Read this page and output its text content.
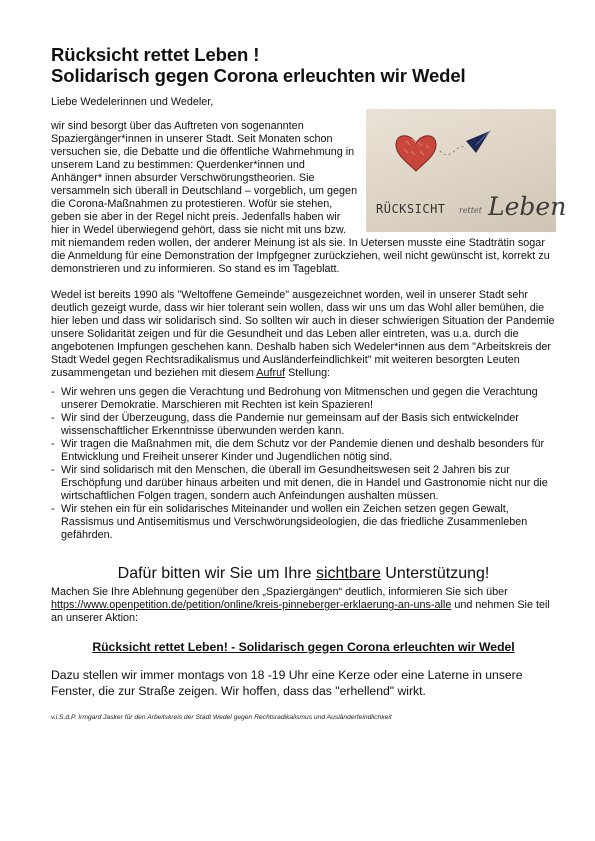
Rücksicht rettet Leben !
Solidarisch gegen Corona erleuchten wir Wedel

Liebe Wedelerinnen und Wedeler,

RÜCKSICHT rettet Leben
wir sind besorgt über das Auftreten von sogenannten Spaziergänger*innen in unserer Stadt. Seit Monaten schon versuchen sie, die Debatte und die öffentliche Wahrnehmung in unserem Land zu bestimmen: Querdenker*innen und Anhänger* innen absurder Verschwörungstheorien. Sie versammeln sich überall in Deutschland – vorgeblich, um gegen die Corona-Maßnahmen zu protestieren. Wofür sie stehen, geben sie aber in der Regel nicht preis. Jedenfalls haben wir hier in Wedel überwiegend gehört, dass sie nicht mit uns bzw. mit niemandem reden wollen, der anderer Meinung ist als sie. In Uetersen musste eine Stadträtin sogar die Anmeldung für eine Demonstration der Impfgegner zurückziehen, weil nicht gewünscht ist, korrekt zu demonstrieren und zu informieren. So stand es im Tageblatt.

Wedel ist bereits 1990 als "Weltoffene Gemeinde" ausgezeichnet worden, weil in unserer Stadt sehr deutlich gezeigt wurde, dass wir hier tolerant sein wollen, dass wir uns um das Wohl aller bemühen, die hier leben und dass wir solidarisch sind. So sollten wir auch in dieser schwierigen Situation der Pandemie unsere Solidarität zeigen und für die Gesundheit und das Leben aller eintreten, was u.a. durch die angebotenen Impfungen geschehen kann. Deshalb haben sich Wedeler*innen aus dem "Arbeitskreis der Stadt Wedel gegen Rechtsradikalismus und Ausländerfeindlichkeit" mit weiteren besorgten Leuten zusammengetan und beziehen mit diesem Aufruf Stellung:

- Wir wehren uns gegen die Verachtung und Bedrohung von Mitmenschen und gegen die Verachtung unserer Demokratie. Marschieren mit Rechten ist kein Spazieren!
- Wir sind der Überzeugung, dass die Pandemie nur gemeinsam auf der Basis sich entwickelnder wissenschaftlicher Erkenntnisse überwunden werden kann.
- Wir tragen die Maßnahmen mit, die dem Schutz vor der Pandemie dienen und deshalb besonders für Entwicklung und Freiheit unserer Kinder und Jugendlichen nötig sind.
- Wir sind solidarisch mit den Menschen, die überall im Gesundheitswesen seit 2 Jahren bis zur Erschöpfung und darüber hinaus arbeiten und mit denen, die in Handel und Gastronomie nicht nur die wirtschaftlichen Folgen tragen, sondern auch Anfeindungen aushalten müssen.
- Wir stehen ein für ein solidarisches Miteinander und wollen ein Zeichen setzen gegen Gewalt, Rassismus und Antisemitismus und Verschwörungsideologien, die das friedliche Zusammenleben gefährden.

Dafür bitten wir Sie um Ihre sichtbare Unterstützung!

Machen Sie Ihre Ablehnung gegenüber den „Spaziergängen“ deutlich, informieren Sie sich über https://www.openpetition.de/petition/online/kreis-pinneberger-erklaerung-an-uns-alle und nehmen Sie teil an unserer Aktion:

Rücksicht rettet Leben! - Solidarisch gegen Corona erleuchten wir Wedel

Dazu stellen wir immer montags von 18 -19 Uhr eine Kerze oder eine Laterne in unsere Fenster, die zur Straße zeigen. Wir hoffen, dass das "erhellend" wirkt.

v.i.S.d.P. Irmgard Jasker für den Arbeitskreis der Stadt Wedel gegen Rechtsradikalismus und Ausländerfeindlichkeit
